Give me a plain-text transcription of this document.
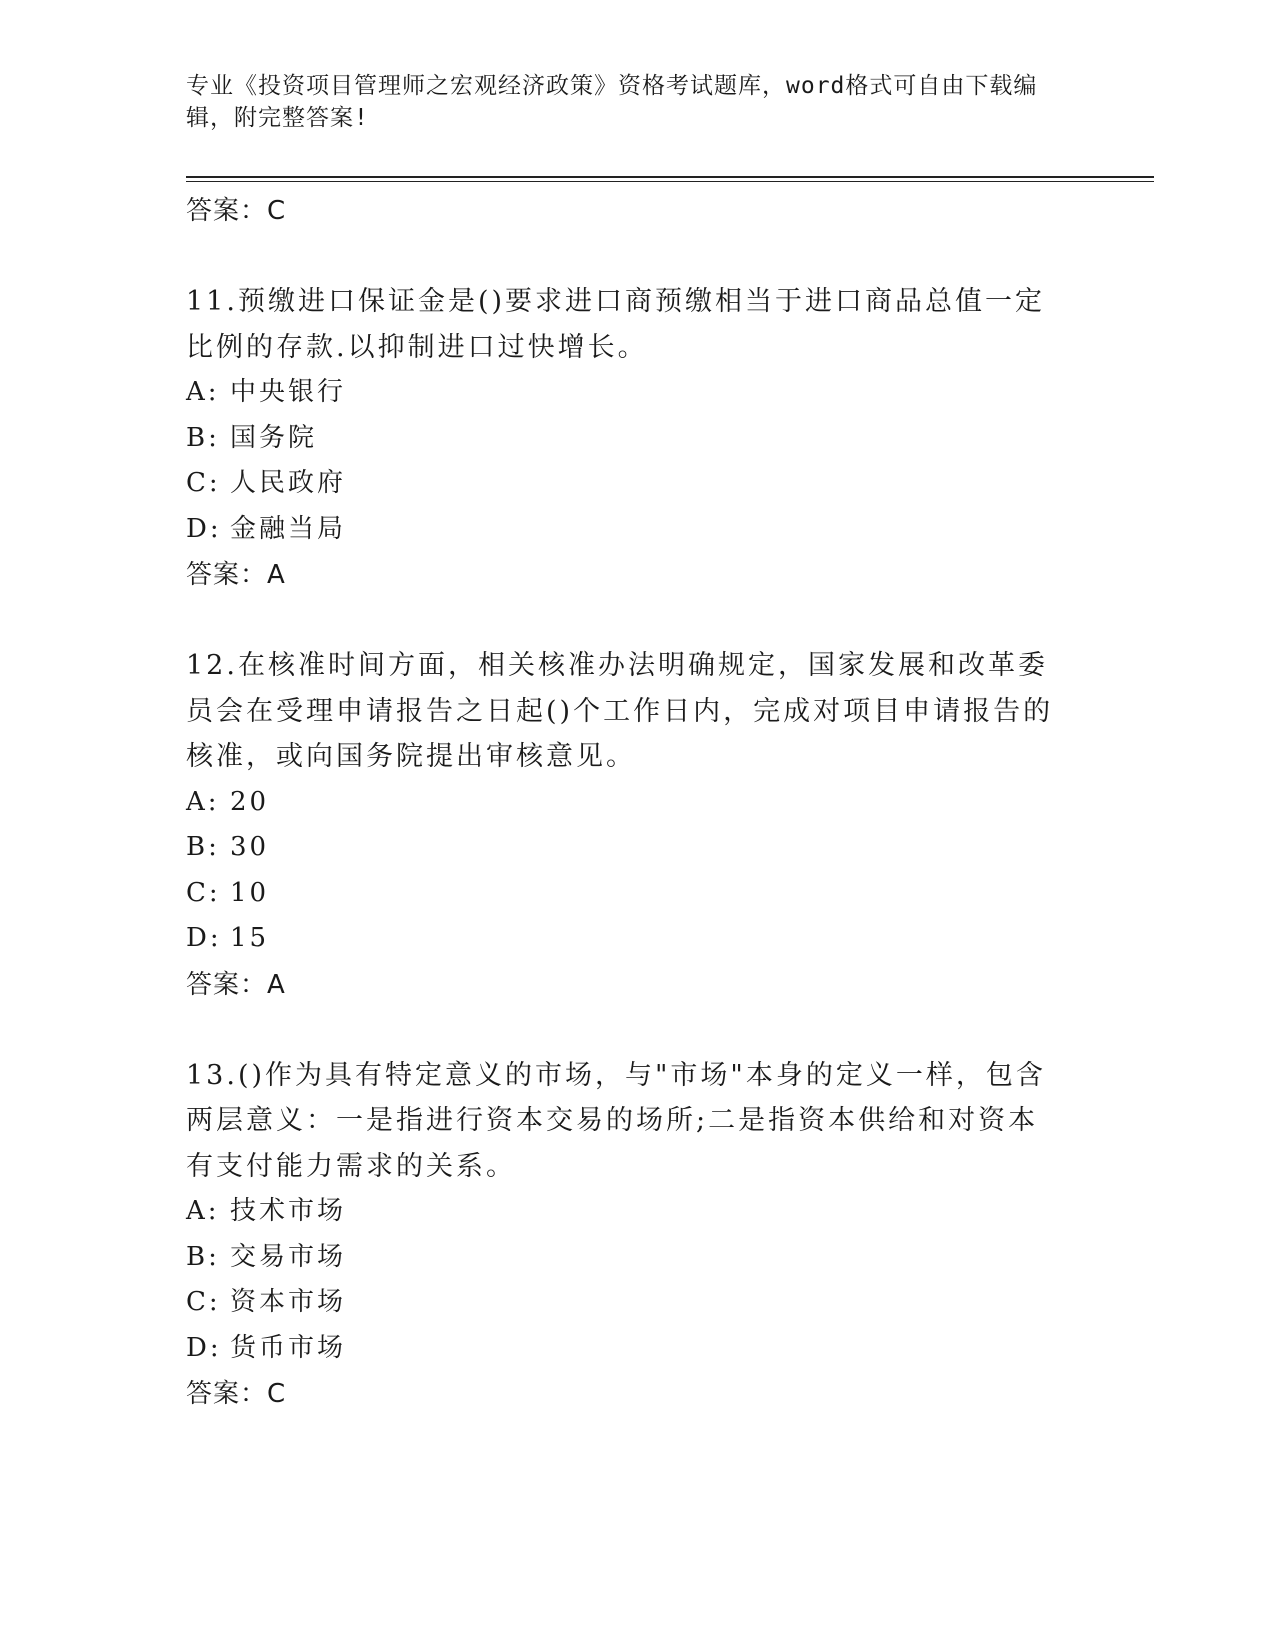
专业《投资项目管理师之宏观经济政策》资格考试题库，word格式可自由下载编辑，附完整答案!
答案：C
11.预缴进口保证金是()要求进口商预缴相当于进口商品总值一定比例的存款.以抑制进口过快增长。
A: 中央银行
B: 国务院
C: 人民政府
D: 金融当局
答案：A
12.在核准时间方面，相关核准办法明确规定，国家发展和改革委员会在受理申请报告之日起()个工作日内，完成对项目申请报告的核准，或向国务院提出审核意见。
A: 20
B: 30
C: 10
D: 15
答案：A
13.()作为具有特定意义的市场，与"市场"本身的定义一样，包含两层意义：一是指进行资本交易的场所;二是指资本供给和对资本有支付能力需求的关系。
A: 技术市场
B: 交易市场
C: 资本市场
D: 货币市场
答案：C
